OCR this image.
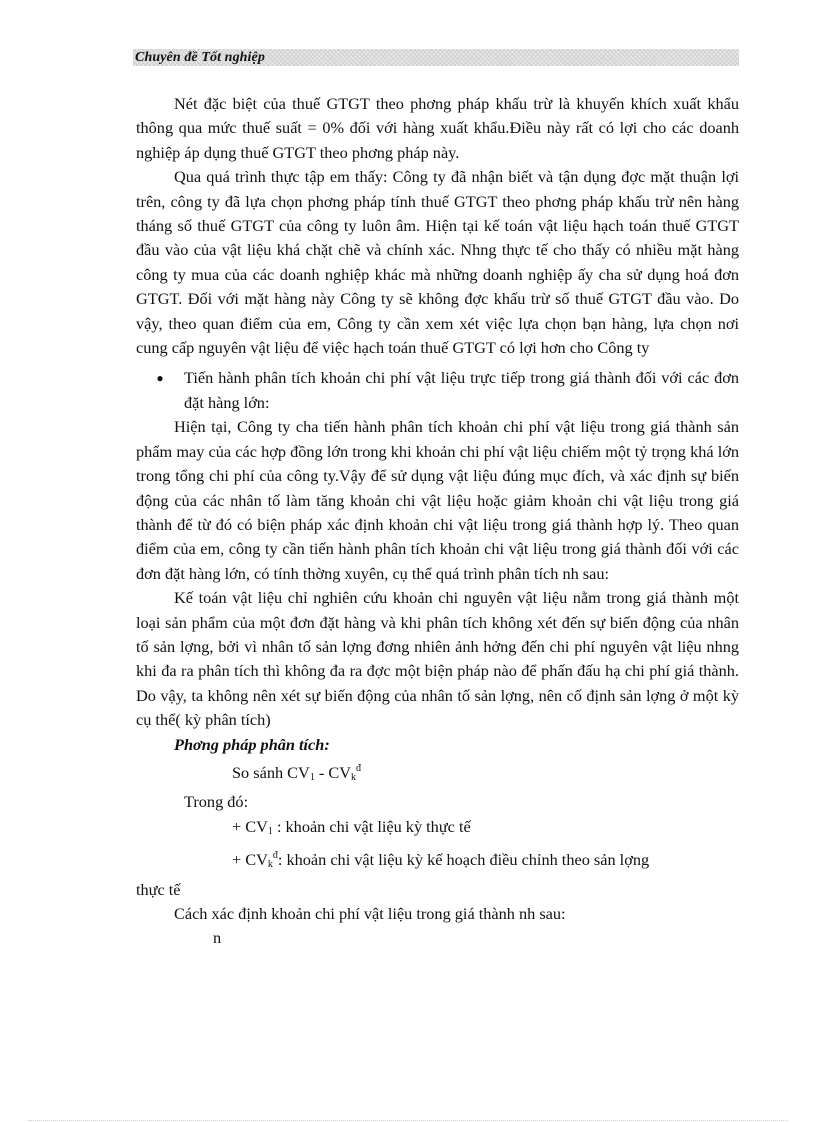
Chuyên đề Tốt nghiệp

Nét đặc biệt của thuế GTGT theo phơng pháp khấu trừ là khuyến khích xuất khẩu thông qua mức thuế suất = 0% đối với hàng xuất khẩu.Điều này rất có lợi cho các doanh nghiệp áp dụng thuế GTGT theo phơng pháp này.

Qua quá trình thực tập em thấy: Công ty đã nhận biết và tận dụng đợc mặt thuận lợi trên, công ty đã lựa chọn phơng pháp tính thuế GTGT theo phơng pháp khấu trừ nên hàng tháng số thuế GTGT của công ty luôn âm. Hiện tại kế toán vật liệu hạch toán thuế GTGT đầu vào của vật liệu khá chặt chẽ và chính xác. Nhng thực tế cho thấy có nhiều mặt hàng công ty mua của các doanh nghiệp khác mà những doanh nghiệp ấy cha sử dụng hoá đơn GTGT. Đối với mặt hàng này Công ty sẽ không đợc khấu trừ số thuế GTGT đầu vào. Do vậy, theo quan điểm của em, Công ty cần xem xét việc lựa chọn bạn hàng, lựa chọn nơi cung cấp nguyên vật liệu để việc hạch toán thuế GTGT có lợi hơn cho Công ty

●	Tiến hành phân tích khoản chi phí vật liệu trực tiếp trong giá thành đối với các đơn đặt hàng lớn:

Hiện tại, Công ty cha tiến hành phân tích khoản chi phí vật liệu trong giá thành sản phẩm may của các hợp đồng lớn trong khi khoản chi phí vật liệu chiếm một tỷ trọng khá lớn trong tổng chi phí của công ty.Vậy để sử dụng vật liệu đúng mục đích, và xác định sự biến động của các nhân tố làm tăng khoản chi vật liệu hoặc giảm khoản chi vật liệu trong giá thành để từ đó có biện pháp xác định khoản chi vật liệu trong giá thành hợp lý. Theo quan điểm của em, công ty cần tiến hành phân tích khoản chi vật liệu trong giá thành đối với các đơn đặt hàng lớn, có tính thờng xuyên, cụ thể quá trình phân tích nh sau:

Kế toán vật liệu chỉ nghiên cứu khoản chi nguyên vật liệu nằm trong giá thành một loại sản phẩm của một đơn đặt hàng và khi phân tích không xét đến sự biến động của nhân tố sản lợng, bởi vì nhân tố sản lợng đơng nhiên ảnh hởng đến chi phí nguyên vật liệu nhng khi đa ra phân tích thì không đa ra đợc một biện pháp nào để phấn đấu hạ chi phí giá thành. Do vậy, ta không nên xét sự biến động của nhân tố sản lợng, nên cố định sản lợng ở một kỳ cụ thể( kỳ phân tích)

Phơng pháp phân tích:
So sánh $CV_1 - CV_k^đ$
Trong đó:
+ $CV_1$ : khoản chi vật liệu kỳ thực tế
+ $CV_k^đ$: khoản chi vật liệu kỳ kế hoạch điều chỉnh theo sản lợng
thực tế
Cách xác định khoản chi phí vật liệu trong giá thành nh sau:
n
